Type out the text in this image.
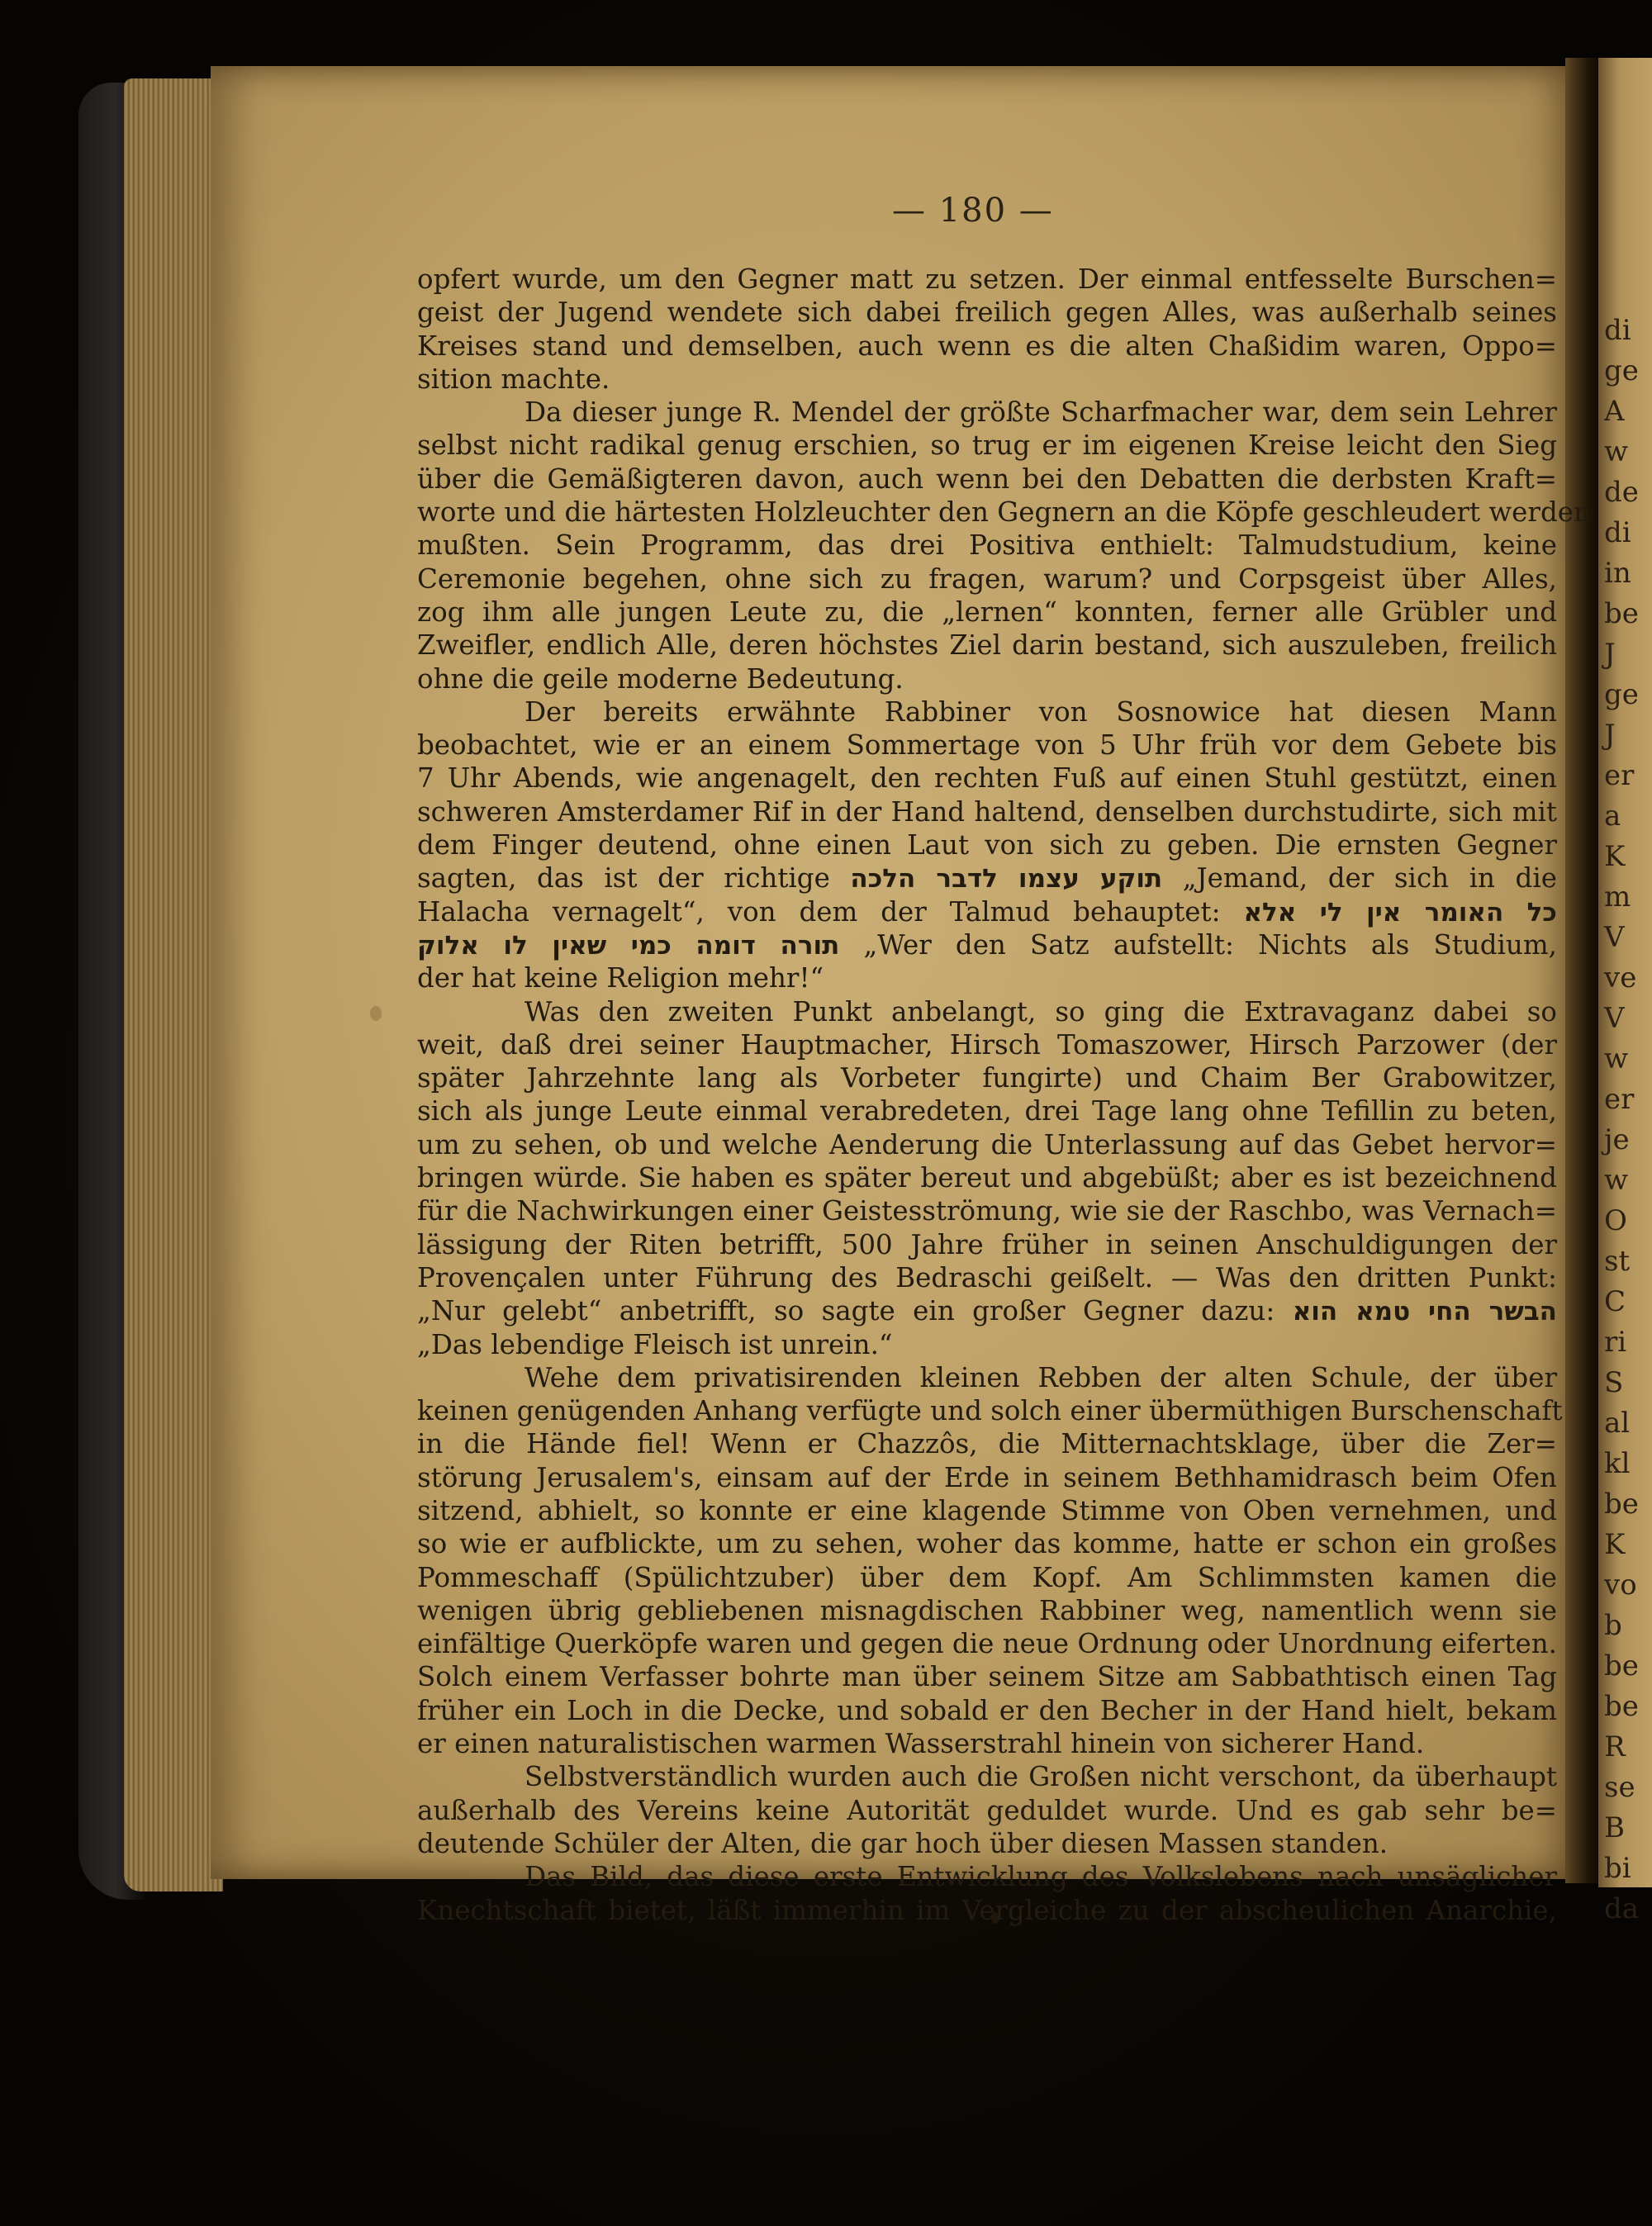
di
ge
A
w
de
di
in
be
J
ge
J
er
a
K
m
V
ve
V
w
er
je
w
O
st
C
ri
S
al
kl
be
K
vo
b
be
be
R
se
B
bi
da
— 180 —
opfert wurde, um den Gegner matt zu setzen. Der einmal entfesselte Burschen=
geist der Jugend wendete sich dabei freilich gegen Alles, was außerhalb seines
Kreises stand und demselben, auch wenn es die alten Chaßidim waren, Oppo=
sition machte.
Da dieser junge R. Mendel der größte Scharfmacher war, dem sein Lehrer
selbst nicht radikal genug erschien, so trug er im eigenen Kreise leicht den Sieg
über die Gemäßigteren davon, auch wenn bei den Debatten die derbsten Kraft=
worte und die härtesten Holzleuchter den Gegnern an die Köpfe geschleudert werden
mußten. Sein Programm, das drei Positiva enthielt: Talmudstudium, keine
Ceremonie begehen, ohne sich zu fragen, warum? und Corpsgeist über Alles,
zog ihm alle jungen Leute zu, die „lernen“ konnten, ferner alle Grübler und
Zweifler, endlich Alle, deren höchstes Ziel darin bestand, sich auszuleben, freilich
ohne die geile moderne Bedeutung.
Der bereits erwähnte Rabbiner von Sosnowice hat diesen Mann
beobachtet, wie er an einem Sommertage von 5 Uhr früh vor dem Gebete bis
7 Uhr Abends, wie angenagelt, den rechten Fuß auf einen Stuhl gestützt, einen
schweren Amsterdamer Rif in der Hand haltend, denselben durchstudirte, sich mit
dem Finger deutend, ohne einen Laut von sich zu geben. Die ernsten Gegner
sagten, das ist der richtige תוקע עצמו לדבר הלכה „Jemand, der sich in die
Halacha vernagelt“, von dem der Talmud behauptet: כל האומר אין לי אלא
תורה דומה כמי שאין לו אלוק „Wer den Satz aufstellt: Nichts als Studium,
der hat keine Religion mehr!“
Was den zweiten Punkt anbelangt, so ging die Extravaganz dabei so
weit, daß drei seiner Hauptmacher, Hirsch Tomaszower, Hirsch Parzower (der
später Jahrzehnte lang als Vorbeter fungirte) und Chaim Ber Grabowitzer,
sich als junge Leute einmal verabredeten, drei Tage lang ohne Tefillin zu beten,
um zu sehen, ob und welche Aenderung die Unterlassung auf das Gebet hervor=
bringen würde. Sie haben es später bereut und abgebüßt; aber es ist bezeichnend
für die Nachwirkungen einer Geistesströmung, wie sie der Raschbo, was Vernach=
lässigung der Riten betrifft, 500 Jahre früher in seinen Anschuldigungen der
Provençalen unter Führung des Bedraschi geißelt. — Was den dritten Punkt:
„Nur gelebt“ anbetrifft, so sagte ein großer Gegner dazu: הבשר החי טמא הוא
„Das lebendige Fleisch ist unrein.“
Wehe dem privatisirenden kleinen Rebben der alten Schule, der über
keinen genügenden Anhang verfügte und solch einer übermüthigen Burschenschaft
in die Hände fiel! Wenn er Chazzôs, die Mitternachtsklage, über die Zer=
störung Jerusalem's, einsam auf der Erde in seinem Bethhamidrasch beim Ofen
sitzend, abhielt, so konnte er eine klagende Stimme von Oben vernehmen, und
so wie er aufblickte, um zu sehen, woher das komme, hatte er schon ein großes
Pommeschaff (Spülichtzuber) über dem Kopf. Am Schlimmsten kamen die
wenigen übrig gebliebenen misnagdischen Rabbiner weg, namentlich wenn sie
einfältige Querköpfe waren und gegen die neue Ordnung oder Unordnung eiferten.
Solch einem Verfasser bohrte man über seinem Sitze am Sabbathtisch einen Tag
früher ein Loch in die Decke, und sobald er den Becher in der Hand hielt, bekam
er einen naturalistischen warmen Wasserstrahl hinein von sicherer Hand.
Selbstverständlich wurden auch die Großen nicht verschont, da überhaupt
außerhalb des Vereins keine Autorität geduldet wurde. Und es gab sehr be=
deutende Schüler der Alten, die gar hoch über diesen Massen standen.
Das Bild, das diese erste Entwicklung des Volkslebens nach unsäglicher
Knechtschaft bietet, läßt immerhin im Vergleiche zu der abscheulichen Anarchie,
